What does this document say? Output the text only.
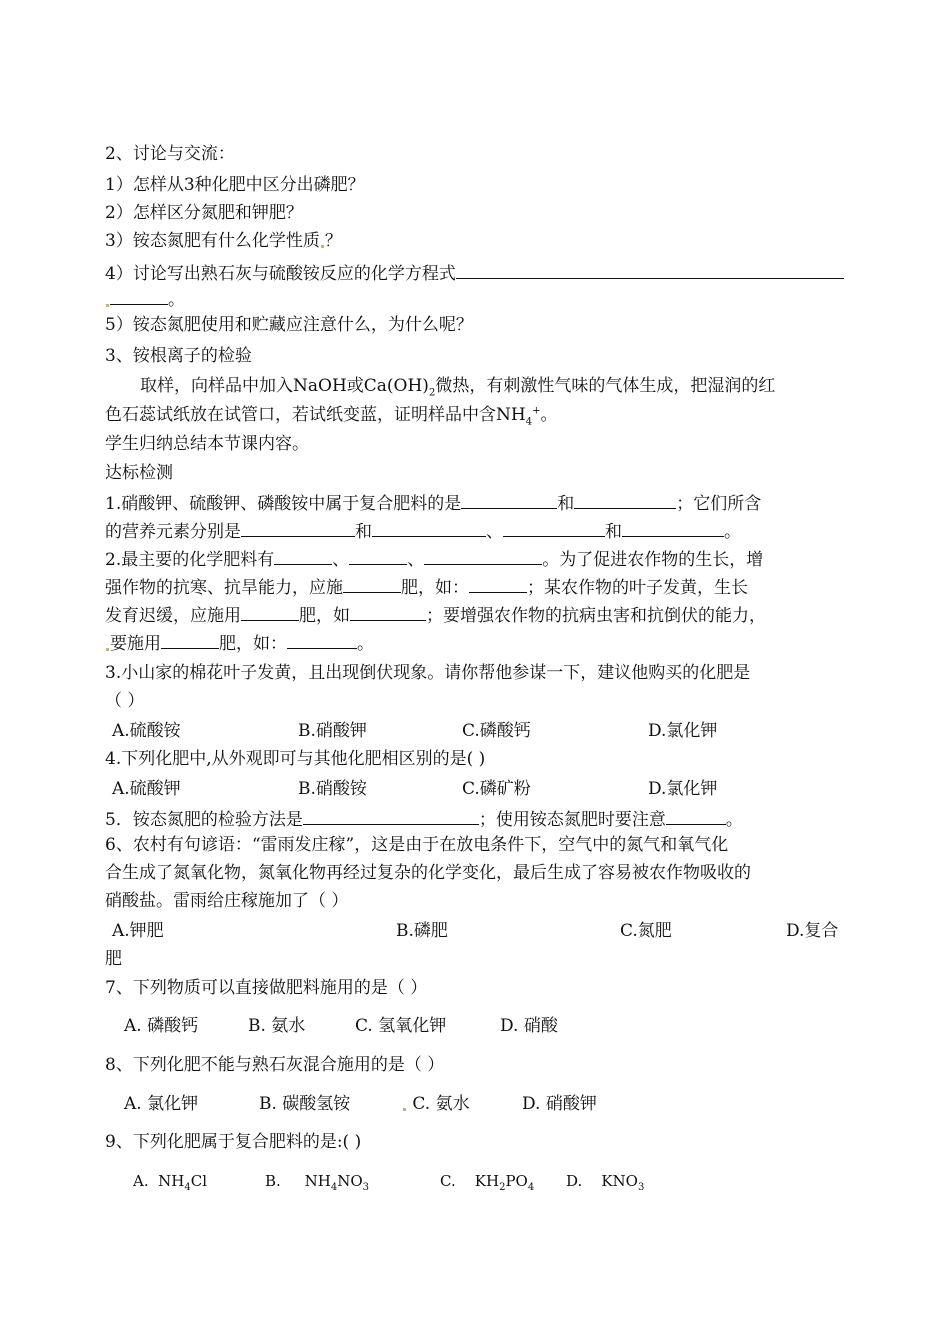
2、讨论与交流：
1）怎样从3种化肥中区分出磷肥？
2）怎样区分氮肥和钾肥？
3）铵态氮肥有什么化学性质 ？
4）讨论写出熟石灰与硫酸铵反应的化学方程式
。
5）铵态氮肥使用和贮藏应注意什么，为什么呢？
3、铵根离子的检验
取样，向样品中加入NaOH或$Ca(OH)_2$微热，有刺激性气味的气体生成，把湿润的红
色石蕊试纸放在试管口，若试纸变蓝，证明样品中含$NH_4^+$。
学生归纳总结本节课内容。
达标检测
1.硝酸钾、硫酸钾、磷酸铵中属于复合肥料的是	和	；它们所含
的营养元素分别是	和	、	和	。
2.最主要的化学肥料有	、	、	。为了促进农作物的生长，增
强作物的抗寒、抗旱能力，应施	肥，如：	；某农作物的叶子发黄，生长
发育迟缓，应施用	肥，如	；要增强农作物的抗病虫害和抗倒伏的能力，
要施用	肥，如：	。
3.小山家的棉花叶子发黄，且出现倒伏现象。请你帮他参谋一下，建议他购买的化肥是
（ ）
A.硫酸铵	B.硝酸钾	C.磷酸钙	D.氯化钾
4.下列化肥中,从外观即可与其他化肥相区别的是( )
A.硫酸钾	B.硝酸铵	C.磷矿粉	D.氯化钾
5．铵态氮肥的检验方法是	；使用铵态氮肥时要注意	。
6、农村有句谚语：“雷雨发庄稼”，这是由于在放电条件下，空气中的氮气和氧气化
合生成了氮氧化物，氮氧化物再经过复杂的化学变化，最后生成了容易被农作物吸收的
硝酸盐。雷雨给庄稼施加了（ ）
A.钾肥	B.磷肥	C.氮肥	D.复合
肥
7、下列物质可以直接做肥料施用的是（ ）
A. 磷酸钙	B. 氨水	C. 氢氧化钾	D. 硝酸
8、下列化肥不能与熟石灰混合施用的是（ ）
A. 氯化钾	B. 碳酸氢铵	C. 氨水	D. 硝酸钾
9、下列化肥属于复合肥料的是:( )
A. $NH_4Cl$	B. $NH_4NO_3$	C. $KH_2PO_4$ D. $KNO_3$
